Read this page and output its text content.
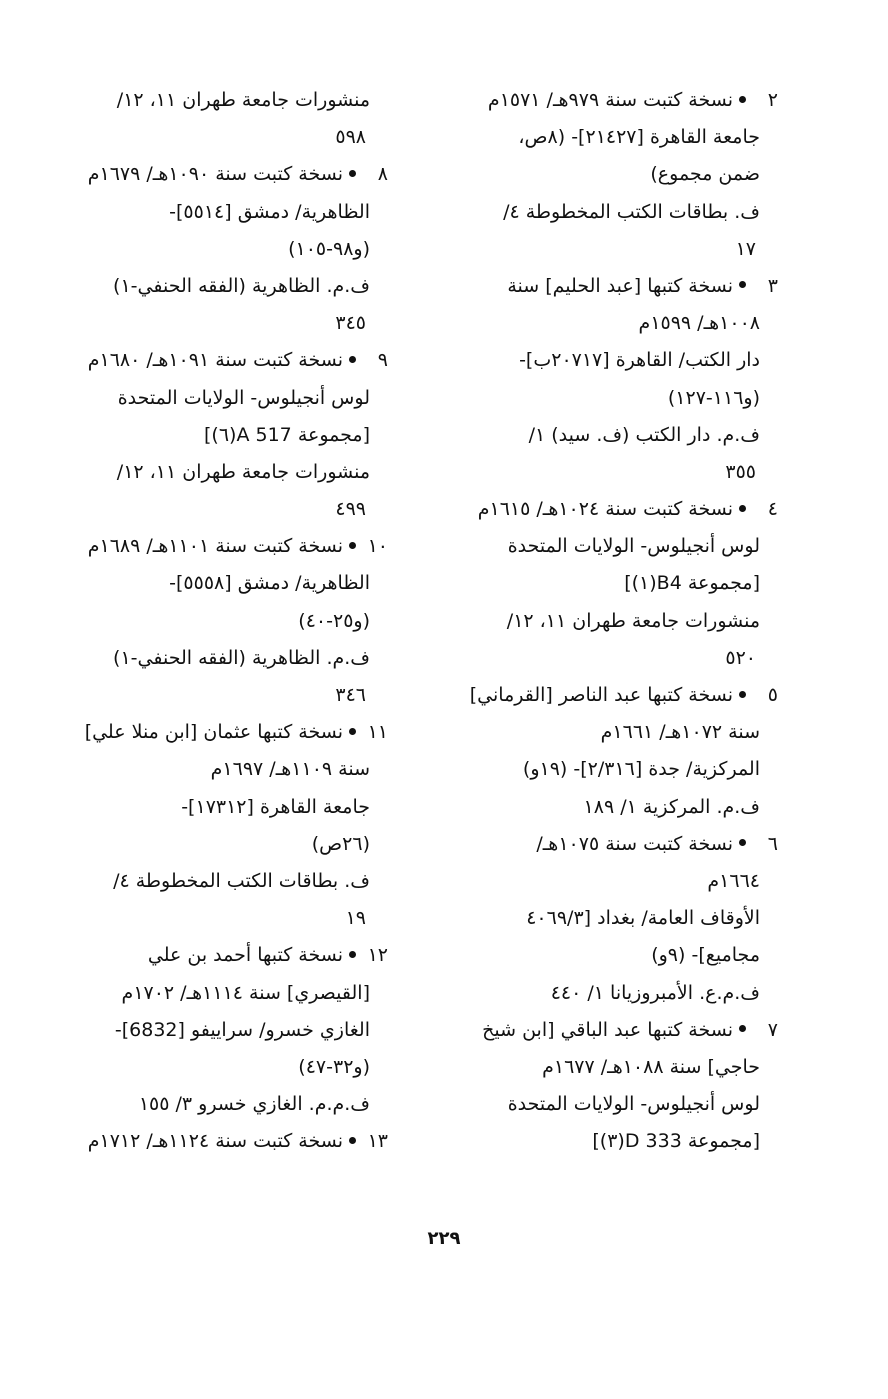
٢نسخة كتبت سنة ٩٧٩هـ/ ١٥٧١م
جامعة القاهرة [٢١٤٢٧]- (٨ص،
ضمن مجموع)
ف. بطاقات الكتب المخطوطة ٤/
١٧
٣نسخة كتبها [عبد الحليم] سنة
١٠٠٨هـ/ ١٥٩٩م
دار الكتب/ القاهرة [٢٠٧١٧ب]-
(و١١٦-١٢٧)
ف.م. دار الكتب (ف. سيد) ١/
٣٥٥
٤نسخة كتبت سنة ١٠٢٤هـ/ ١٦١٥م
لوس أنجيلوس- الولايات المتحدة
[مجموعة B4(١)]
منشورات جامعة طهران ١١، ١٢/
٥٢٠
٥نسخة كتبها عبد الناصر [القرماني]
سنة ١٠٧٢هـ/ ١٦٦١م
المركزية/ جدة [٢/٣١٦]- (١٩و)
ف.م. المركزية ١/ ١٨٩
٦نسخة كتبت سنة ١٠٧٥هـ/
١٦٦٤م
الأوقاف العامة/ بغداد [٤٠٦٩/٣
مجاميع]- (٩و)
ف.م.ع. الأمبروزيانا ١/ ٤٤٠
٧نسخة كتبها عبد الباقي [ابن شيخ
حاجي] سنة ١٠٨٨هـ/ ١٦٧٧م
لوس أنجيلوس- الولايات المتحدة
[مجموعة D 333(٣)]
منشورات جامعة طهران ١١، ١٢/
٥٩٨
٨نسخة كتبت سنة ١٠٩٠هـ/ ١٦٧٩م
الظاهرية/ دمشق [٥٥١٤]-
(و٩٨-١٠٥)
ف.م. الظاهرية (الفقه الحنفي-١)
٣٤٥
٩نسخة كتبت سنة ١٠٩١هـ/ ١٦٨٠م
لوس أنجيلوس- الولايات المتحدة
[مجموعة A 517(٦)]
منشورات جامعة طهران ١١، ١٢/
٤٩٩
١٠نسخة كتبت سنة ١١٠١هـ/ ١٦٨٩م
الظاهرية/ دمشق [٥٥٥٨]-
(و٢٥-٤٠)
ف.م. الظاهرية (الفقه الحنفي-١)
٣٤٦
١١نسخة كتبها عثمان [ابن منلا علي]
سنة ١١٠٩هـ/ ١٦٩٧م
جامعة القاهرة [١٧٣١٢]-
(٢٦ص)
ف. بطاقات الكتب المخطوطة ٤/
١٩
١٢نسخة كتبها أحمد بن علي
[القيصري] سنة ١١١٤هـ/ ١٧٠٢م
الغازي خسرو/ سراييفو [6832]-
(و٣٢-٤٧)
ف.م.م. الغازي خسرو ٣/ ١٥٥
١٣نسخة كتبت سنة ١١٢٤هـ/ ١٧١٢م
٢٢٩
